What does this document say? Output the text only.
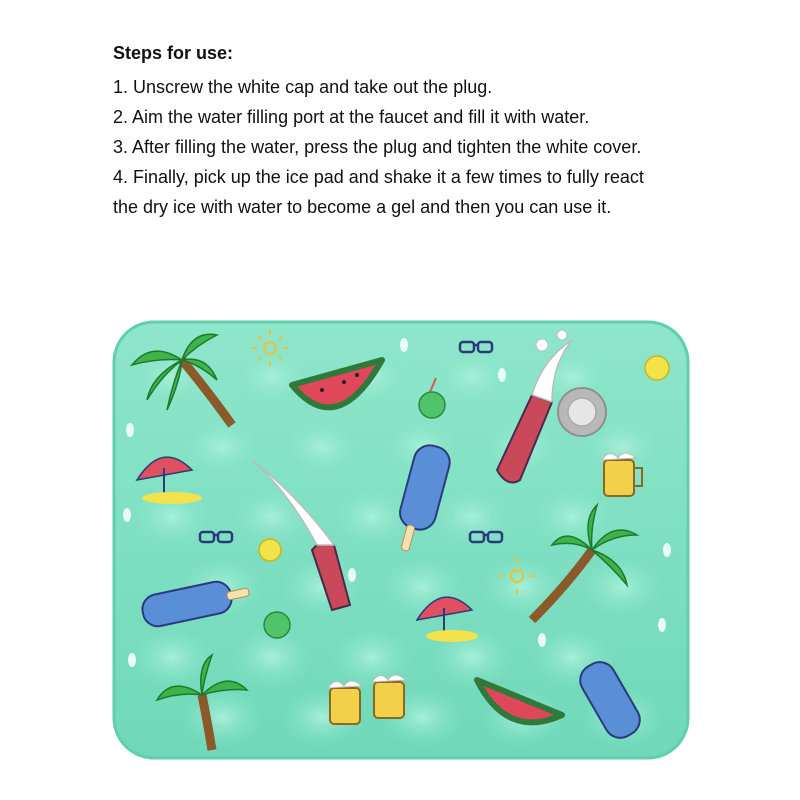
Steps for use:
1. Unscrew the white cap and take out the plug.
2. Aim the water filling port at the faucet and fill it with water.
3. After filling the water, press the plug and tighten the white cover.
4. Finally, pick up the ice pad and shake it a few times to fully react the dry ice with water to become a gel and then you can use it.
